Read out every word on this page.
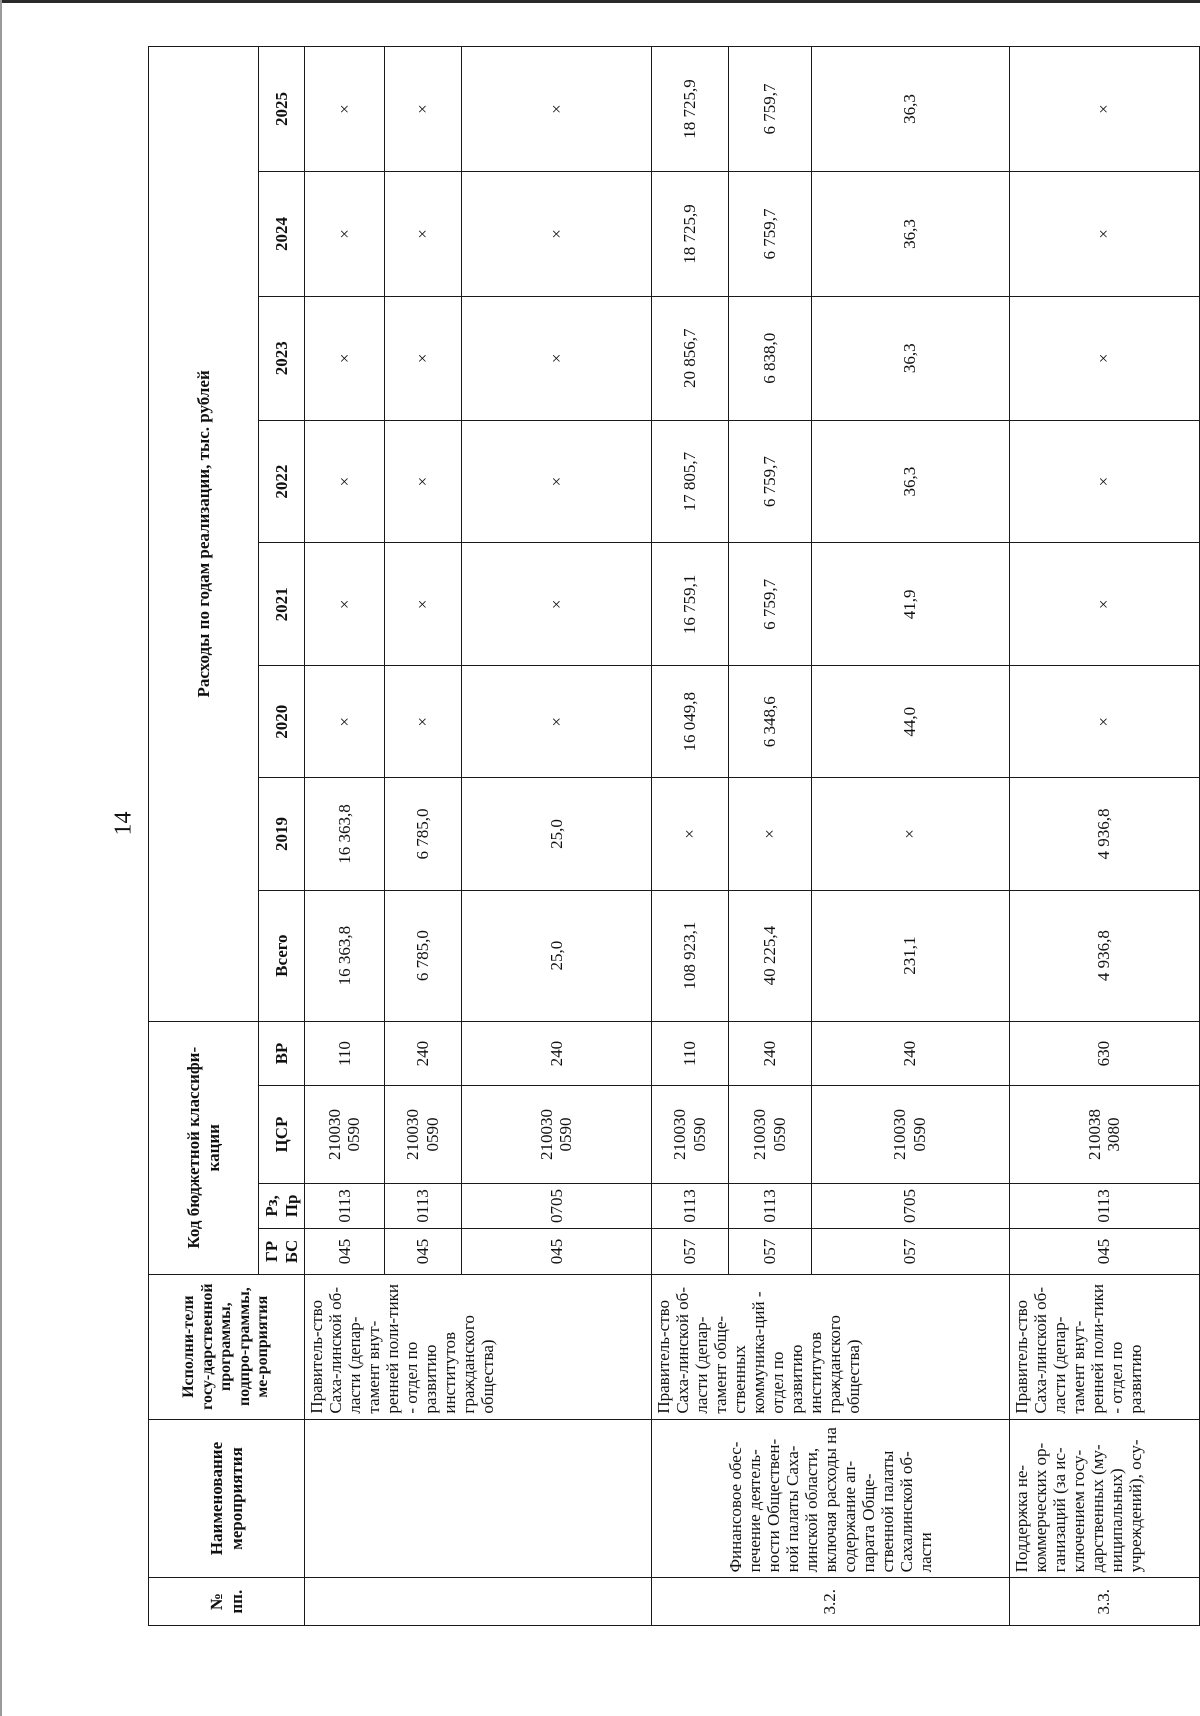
14
№ пп.	Наименование мероприятия	Исполни-тели госу-дарственной программы, подпро-граммы, ме-роприятия	Код бюджетной классифи-кации				Расходы по годам реализации, тыс. рублей							
			ГР БС	Рз, Пр	ЦСР	ВР	Всего	2019	2020	2021	2022	2023	2024	2025
		Правитель-ство Саха-линской об-ласти (депар-тамент внут-ренней поли-тики - отдел по развитию институтов гражданского общества)	045	0113	210030 0590	110	16 363,8	16 363,8	×	×	×	×	×	×
			045	0113	210030 0590	240	6 785,0	6 785,0	×	×	×	×	×	×
			045	0705	210030 0590	240	25,0	25,0	×	×	×	×	×	×
3.2.	Финансовое обес-печение деятель-ности Обществен-ной палаты Саха-линской области, включая расходы на содержание ап-парата Обще-ственной палаты Сахалинской об-ласти	Правитель-ство Саха-линской об-ласти (депар-тамент обще-ственных коммуника-ций - отдел по развитию институтов гражданского общества)	057	0113	210030 0590	110	108 923,1	×	16 049,8	16 759,1	17 805,7	20 856,7	18 725,9	18 725,9
			057	0113	210030 0590	240	40 225,4	×	6 348,6	6 759,7	6 759,7	6 838,0	6 759,7	6 759,7
			057	0705	210030 0590	240	231,1	×	44,0	41,9	36,3	36,3	36,3	36,3
3.3.	Поддержка не-коммерческих ор-ганизаций (за ис-ключением госу-дарственных (му-ниципальных) учреждений), осу-	Правитель-ство Саха-линской об-ласти (депар-тамент внут-ренней поли-тики - отдел по развитию	045	0113	210038 3080	630	4 936,8	4 936,8	×	×	×	×	×	×
